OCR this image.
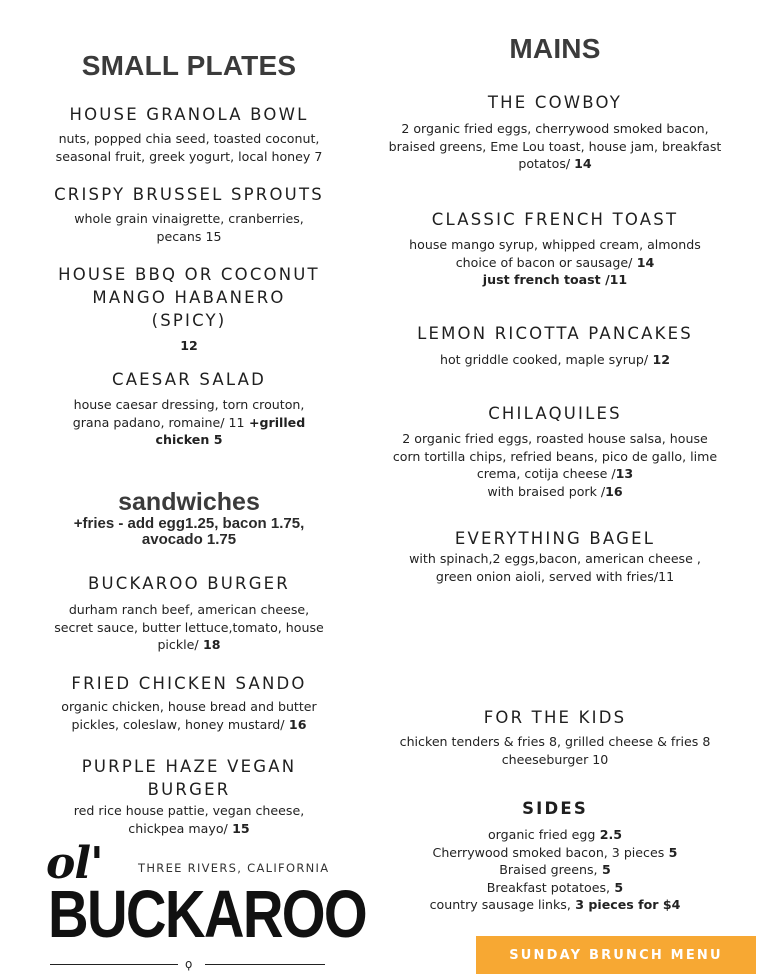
SMALL PLATES
HOUSE GRANOLA BOWL
nuts, popped chia seed, toasted coconut,
seasonal fruit, greek yogurt, local honey 7
CRISPY BRUSSEL SPROUTS
whole grain vinaigrette, cranberries,
pecans 15
HOUSE BBQ OR COCONUT
MANGO HABANERO
(SPICY)
12
CAESAR SALAD
house caesar dressing, torn crouton,
grana padano, romaine/ 11 +grilled
chicken 5
sandwiches
+fries - add egg1.25, bacon 1.75,
avocado 1.75
BUCKAROO BURGER
durham ranch beef, american cheese,
secret sauce, butter lettuce,tomato, house
pickle/ 18
FRIED CHICKEN SANDO
organic chicken, house bread and butter
pickles, coleslaw, honey mustard/ 16
PURPLE HAZE VEGAN
BURGER
red rice house pattie, vegan cheese,
chickpea mayo/ 15
MAINS
THE COWBOY
2 organic fried eggs, cherrywood smoked bacon,
braised greens, Eme Lou toast, house jam, breakfast
potatos/ 14
CLASSIC FRENCH TOAST
house mango syrup, whipped cream, almonds
choice of bacon or sausage/ 14
just french toast /11
LEMON RICOTTA PANCAKES
hot griddle cooked, maple syrup/ 12
CHILAQUILES
2 organic fried eggs, roasted house salsa, house
corn tortilla chips, refried beans, pico de gallo, lime
crema, cotija cheese /13
with braised pork /16
EVERYTHING BAGEL
with spinach,2 eggs,bacon, american cheese ,
green onion aioli, served with fries/11
FOR THE KIDS
chicken tenders & fries 8, grilled cheese & fries 8
cheeseburger 10
SIDES
organic fried egg 2.5
Cherrywood smoked bacon, 3 pieces 5
Braised greens, 5
Breakfast potatoes, 5
country sausage links, 3 pieces for $4
ol'	THREE RIVERS, CALIFORNIA
BUCKAROO
ϙ
SUNDAY BRUNCH MENU
